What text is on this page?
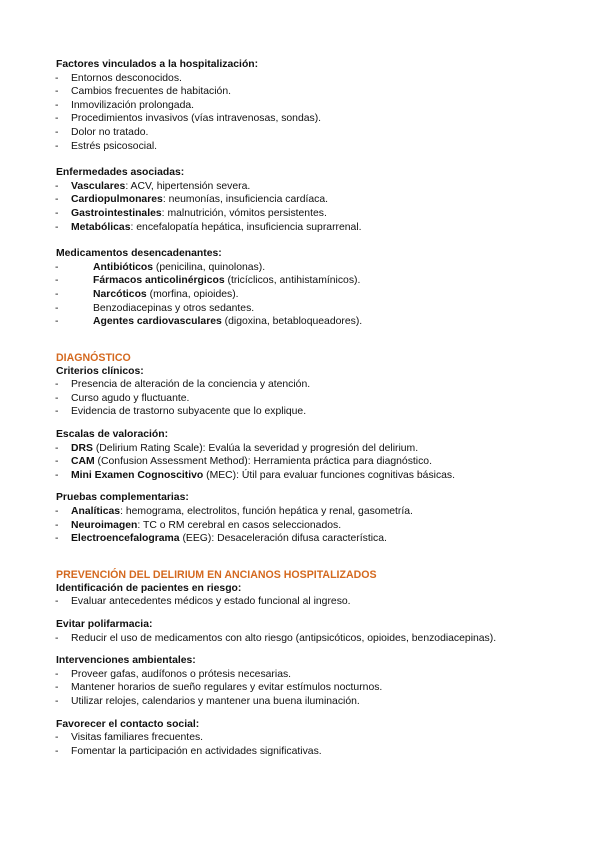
Factores vinculados a la hospitalización:

- Entornos desconocidos.
- Cambios frecuentes de habitación.
- Inmovilización prolongada.
- Procedimientos invasivos (vías intravenosas, sondas).
- Dolor no tratado.
- Estrés psicosocial.

Enfermedades asociadas:

- Vasculares: ACV, hipertensión severa.
- Cardiopulmonares: neumonías, insuficiencia cardíaca.
- Gastrointestinales: malnutrición, vómitos persistentes.
- Metabólicas: encefalopatía hepática, insuficiencia suprarrenal.

Medicamentos desencadenantes:

-	Antibióticos (penicilina, quinolonas).
-	Fármacos anticolinérgicos (tricíclicos, antihistamínicos).
-	Narcóticos (morfina, opioides).
-	Benzodiacepinas y otros sedantes.
-	Agentes cardiovasculares (digoxina, betabloqueadores).

DIAGNÓSTICO

Criterios clínicos:

- Presencia de alteración de la conciencia y atención.
- Curso agudo y fluctuante.
- Evidencia de trastorno subyacente que lo explique.

Escalas de valoración:

- DRS (Delirium Rating Scale): Evalúa la severidad y progresión del delirium.
- CAM (Confusion Assessment Method): Herramienta práctica para diagnóstico.
- Mini Examen Cognoscitivo (MEC): Útil para evaluar funciones cognitivas básicas.

Pruebas complementarias:

- Analíticas: hemograma, electrolitos, función hepática y renal, gasometría.
- Neuroimagen: TC o RM cerebral en casos seleccionados.
- Electroencefalograma (EEG): Desaceleración difusa característica.

PREVENCIÓN DEL DELIRIUM EN ANCIANOS HOSPITALIZADOS

Identificación de pacientes en riesgo:

- Evaluar antecedentes médicos y estado funcional al ingreso.

Evitar polifarmacia:

- Reducir el uso de medicamentos con alto riesgo (antipsicóticos, opioides, benzodiacepinas).

Intervenciones ambientales:

- Proveer gafas, audífonos o prótesis necesarias.
- Mantener horarios de sueño regulares y evitar estímulos nocturnos.
- Utilizar relojes, calendarios y mantener una buena iluminación.

Favorecer el contacto social:

- Visitas familiares frecuentes.
- Fomentar la participación en actividades significativas.
